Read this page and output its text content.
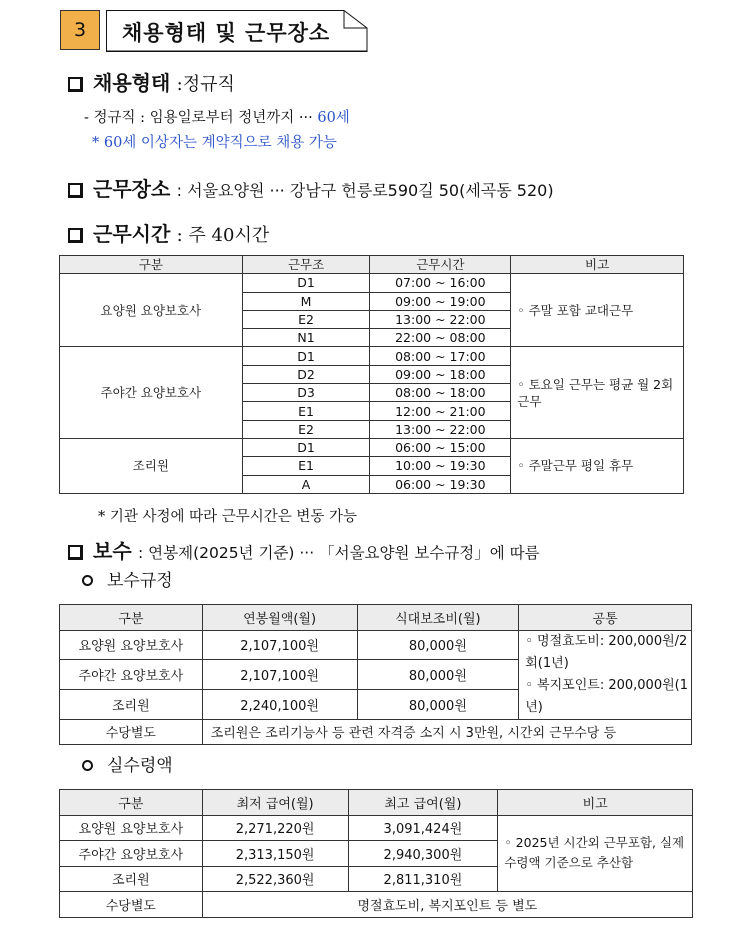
3	채용형태 및 근무장소
채용형태 :정규직
- 정규직 : 임용일로부터 정년까지 ··· 60세
* 60세 이상자는 계약직으로 채용 가능
근무장소 : 서울요양원 ··· 강남구 헌릉로590길 50(세곡동 520)
근무시간 : 주 40시간
구분	근무조	근무시간	비고
요양원 요양보호사	D1	07:00 ~ 16:00	◦ 주말 포함 교대근무
	M	09:00 ~ 19:00	
	E2	13:00 ~ 22:00	
	N1	22:00 ~ 08:00	
주야간 요양보호사	D1	08:00 ~ 17:00	◦ 토요일 근무는 평균 월 2회 근무
	D2	09:00 ~ 18:00	
	D3	08:00 ~ 18:00	
	E1	12:00 ~ 21:00	
	E2	13:00 ~ 22:00	
조리원	D1	06:00 ~ 15:00	◦ 주말근무 평일 휴무
	E1	10:00 ~ 19:30	
	A	06:00 ~ 19:30	
* 기관 사정에 따라 근무시간은 변동 가능
보수 : 연봉제(2025년 기준) ··· 「서울요양원 보수규정」에 따름
보수규정
구분	연봉월액(월)	식대보조비(월)	공통
요양원 요양보호사	2,107,100원	80,000원	◦ 명절효도비: 200,000원/2회(1년)
◦ 복지포인트: 200,000원(1년)

주야간 요양보호사	2,107,100원	80,000원	
조리원	2,240,100원	80,000원	
수당별도	조리원은 조리기능사 등 관련 자격증 소지 시 3만원, 시간외 근무수당 등		
실수령액
구분	최저 급여(월)	최고 급여(월)	비고
요양원 요양보호사	2,271,220원	3,091,424원	◦ 2025년 시간외 근무포함, 실제 수령액 기준으로 추산함
주야간 요양보호사	2,313,150원	2,940,300원	
조리원	2,522,360원	2,811,310원	
수당별도	명절효도비, 복지포인트 등 별도		
